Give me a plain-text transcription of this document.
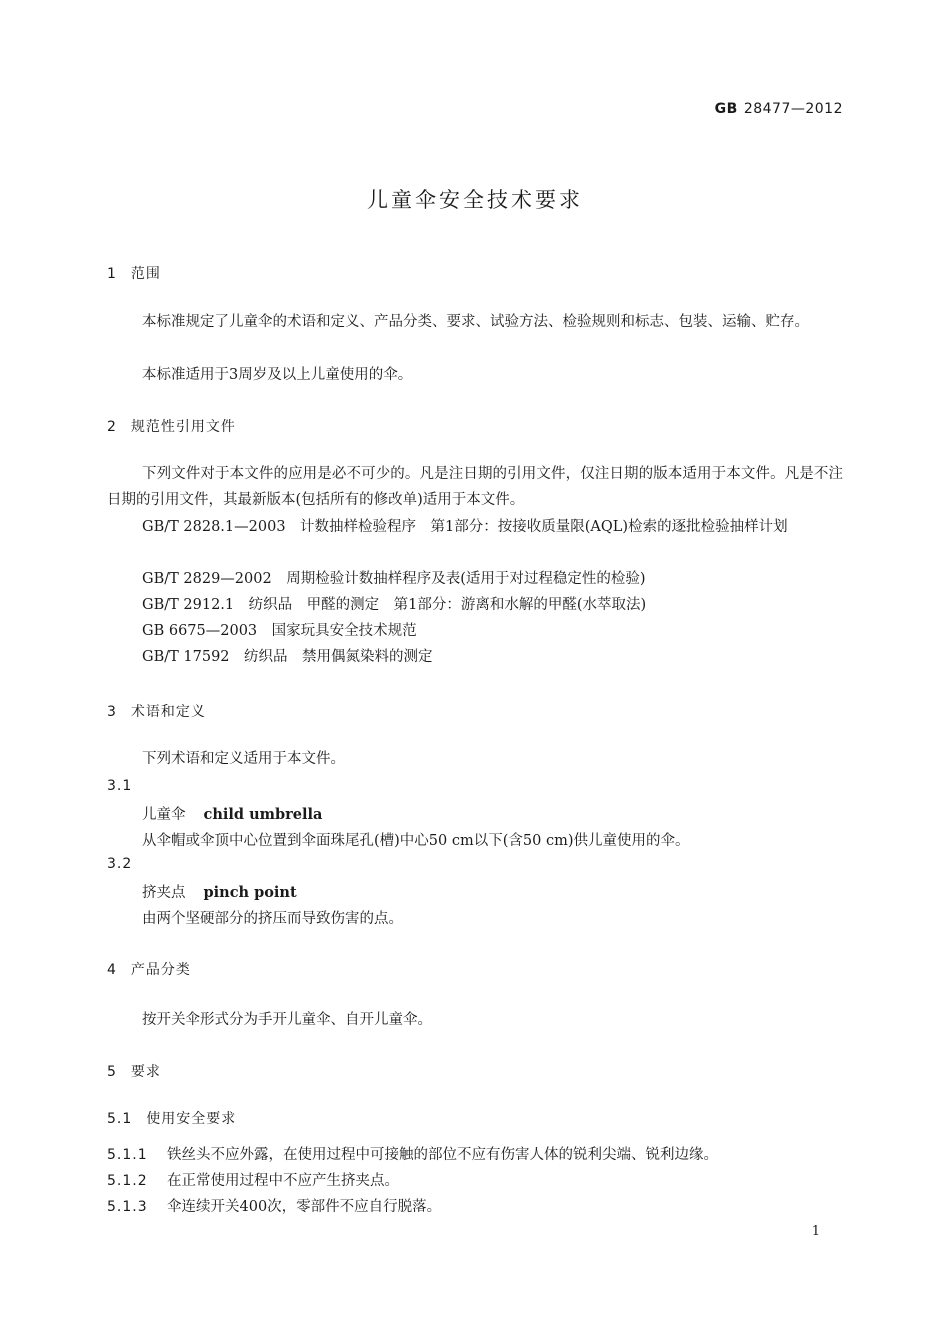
GB 28477—2012
儿童伞安全技术要求
1 范围
本标准规定了儿童伞的术语和定义、产品分类、要求、试验方法、检验规则和标志、包装、运输、贮存。
本标准适用于3周岁及以上儿童使用的伞。
2 规范性引用文件
下列文件对于本文件的应用是必不可少的。凡是注日期的引用文件，仅注日期的版本适用于本文件。凡是不注日期的引用文件，其最新版本(包括所有的修改单)适用于本文件。
GB/T 2828.1—2003　计数抽样检验程序　第1部分：按接收质量限(AQL)检索的逐批检验抽样计划
GB/T 2829—2002　周期检验计数抽样程序及表(适用于对过程稳定性的检验)
GB/T 2912.1　纺织品　甲醛的测定　第1部分：游离和水解的甲醛(水萃取法)
GB 6675—2003　国家玩具安全技术规范
GB/T 17592　纺织品　禁用偶氮染料的测定
3 术语和定义
下列术语和定义适用于本文件。
3.1
儿童伞 child umbrella
从伞帽或伞顶中心位置到伞面珠尾孔(槽)中心50 cm以下(含50 cm)供儿童使用的伞。
3.2
挤夹点 pinch point
由两个坚硬部分的挤压而导致伤害的点。
4 产品分类
按开关伞形式分为手开儿童伞、自开儿童伞。
5 要求
5.1 使用安全要求
5.1.1 铁丝头不应外露，在使用过程中可接触的部位不应有伤害人体的锐利尖端、锐利边缘。
5.1.2 在正常使用过程中不应产生挤夹点。
5.1.3 伞连续开关400次，零部件不应自行脱落。
1
